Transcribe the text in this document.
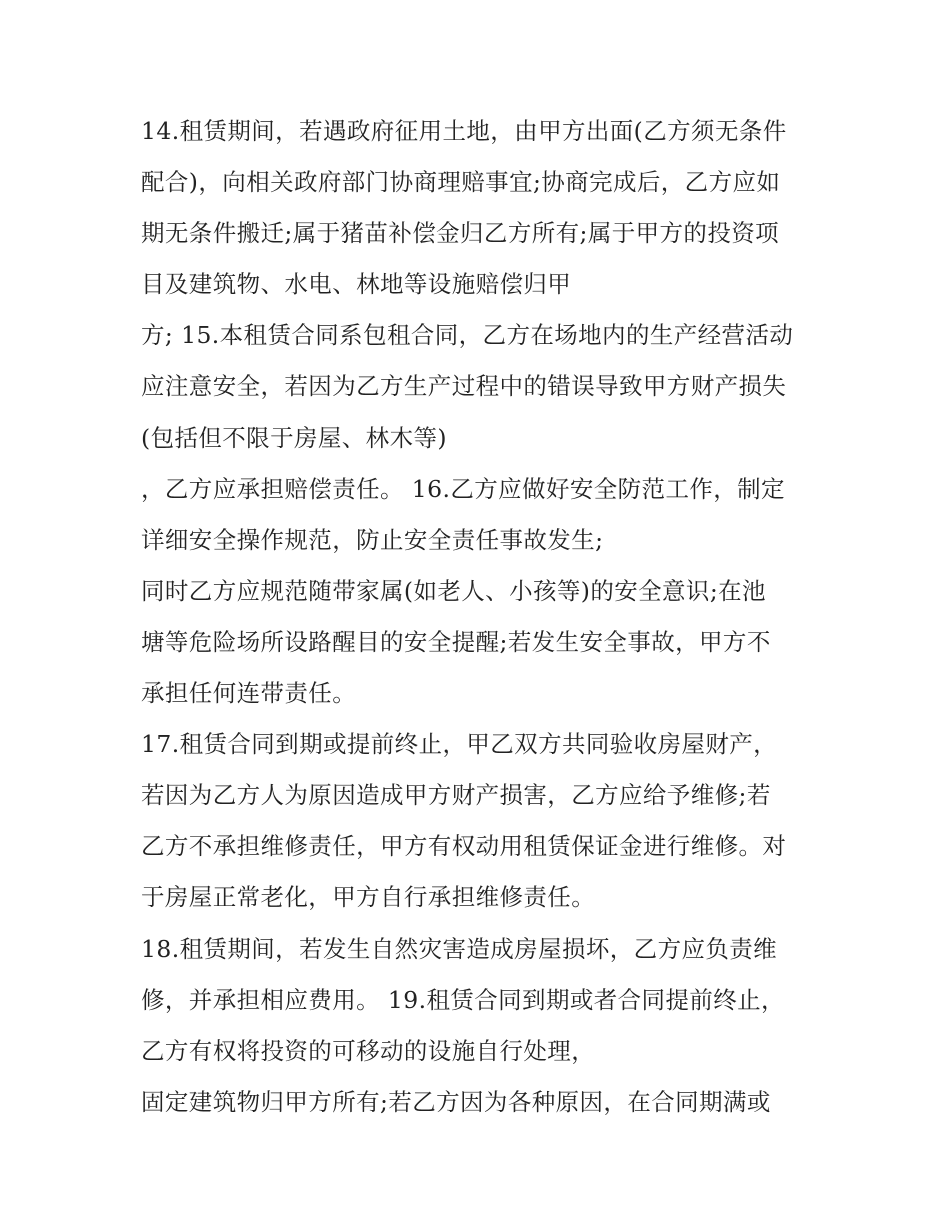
14.租赁期间，若遇政府征用土地，由甲方出面(乙方须无条件
配合)，向相关政府部门协商理赔事宜;协商完成后，乙方应如
期无条件搬迁;属于猪苗补偿金归乙方所有;属于甲方的投资项
目及建筑物、水电、林地等设施赔偿归甲
方; 15.本租赁合同系包租合同，乙方在场地内的生产经营活动
应注意安全，若因为乙方生产过程中的错误导致甲方财产损失
(包括但不限于房屋、林木等)
，乙方应承担赔偿责任。 16.乙方应做好安全防范工作，制定
详细安全操作规范，防止安全责任事故发生;
同时乙方应规范随带家属(如老人、小孩等)的安全意识;在池
塘等危险场所设路醒目的安全提醒;若发生安全事故，甲方不
承担任何连带责任。
17.租赁合同到期或提前终止，甲乙双方共同验收房屋财产，
若因为乙方人为原因造成甲方财产损害，乙方应给予维修;若
乙方不承担维修责任，甲方有权动用租赁保证金进行维修。对
于房屋正常老化，甲方自行承担维修责任。
18.租赁期间，若发生自然灾害造成房屋损坏，乙方应负责维
修，并承担相应费用。 19.租赁合同到期或者合同提前终止，
乙方有权将投资的可移动的设施自行处理，
固定建筑物归甲方所有;若乙方因为各种原因，在合同期满或
